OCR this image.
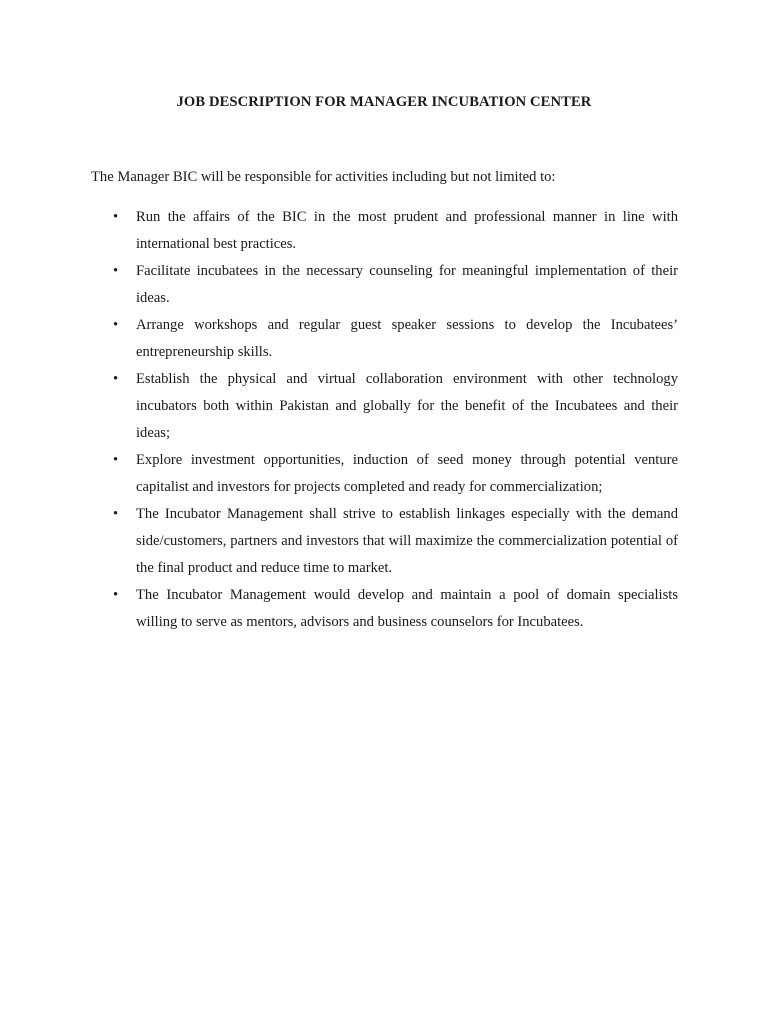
JOB DESCRIPTION FOR MANAGER INCUBATION CENTER
The Manager BIC will be responsible for activities including but not limited to:
• Run the affairs of the BIC in the most prudent and professional manner in line with international best practices.
• Facilitate incubatees in the necessary counseling for meaningful implementation of their ideas.
• Arrange workshops and regular guest speaker sessions to develop the Incubatees’ entrepreneurship skills.
• Establish the physical and virtual collaboration environment with other technology incubators both within Pakistan and globally for the benefit of the Incubatees and their ideas;
• Explore investment opportunities, induction of seed money through potential venture capitalist and investors for projects completed and ready for commercialization;
• The Incubator Management shall strive to establish linkages especially with the demand side/customers, partners and investors that will maximize the commercialization potential of the final product and reduce time to market.
• The Incubator Management would develop and maintain a pool of domain specialists willing to serve as mentors, advisors and business counselors for Incubatees.
